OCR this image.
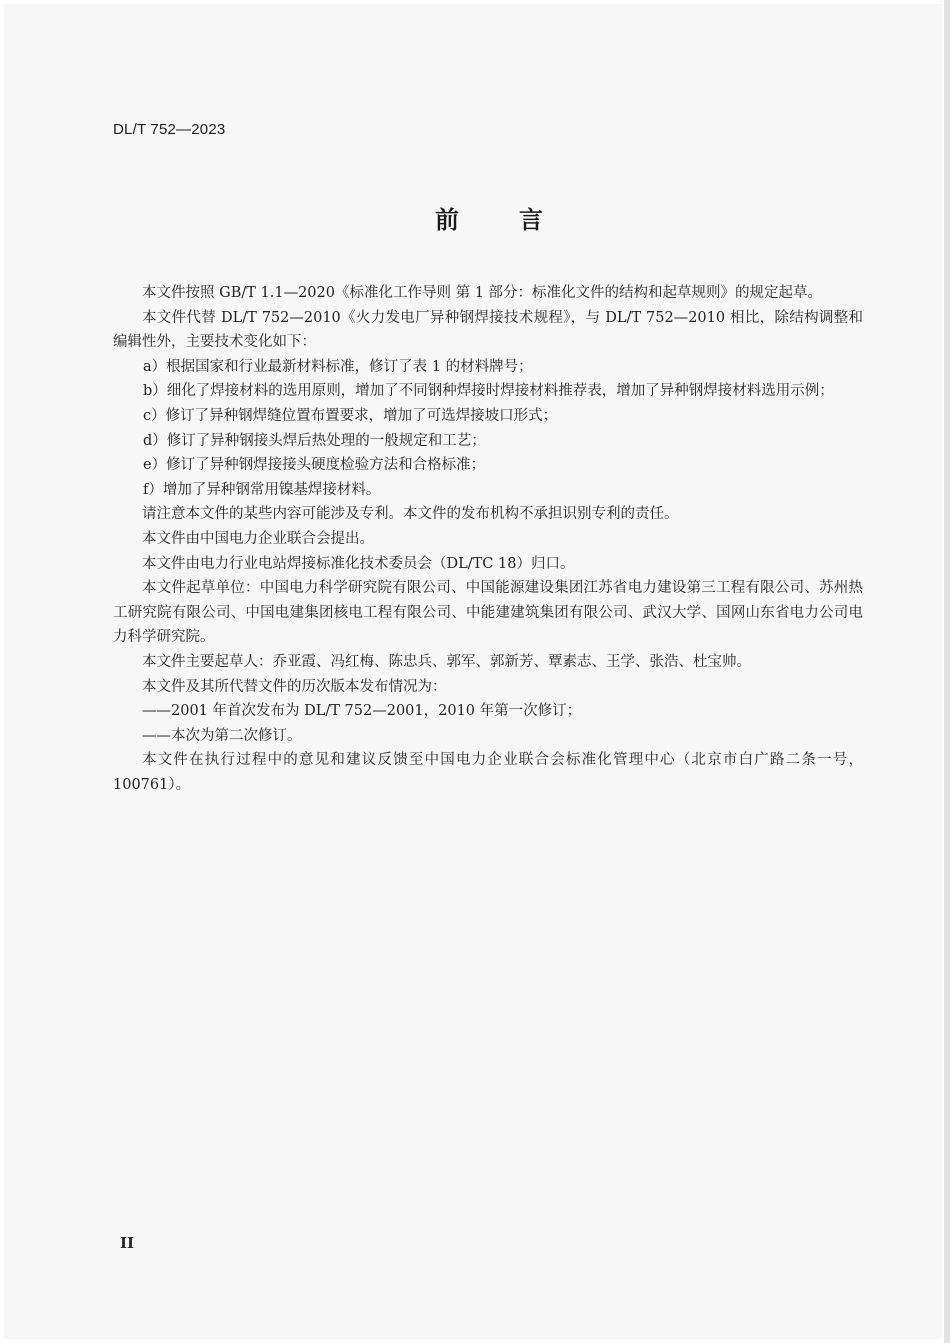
DL/T 752—2023
前言

本文件按照 GB/T 1.1—2020《标准化工作导则 第 1 部分：标准化文件的结构和起草规则》的规定起草。

本文件代替 DL/T 752—2010《火力发电厂异种钢焊接技术规程》，与 DL/T 752—2010 相比，除结构调整和编辑性外，主要技术变化如下：

a）根据国家和行业最新材料标准，修订了表 1 的材料牌号；

b）细化了焊接材料的选用原则，增加了不同钢种焊接时焊接材料推荐表，增加了异种钢焊接材料选用示例；

c）修订了异种钢焊缝位置布置要求，增加了可选焊接坡口形式；

d）修订了异种钢接头焊后热处理的一般规定和工艺；

e）修订了异种钢焊接接头硬度检验方法和合格标准；

f）增加了异种钢常用镍基焊接材料。

请注意本文件的某些内容可能涉及专利。本文件的发布机构不承担识别专利的责任。

本文件由中国电力企业联合会提出。

本文件由电力行业电站焊接标准化技术委员会（DL/TC 18）归口。

本文件起草单位：中国电力科学研究院有限公司、中国能源建设集团江苏省电力建设第三工程有限公司、苏州热工研究院有限公司、中国电建集团核电工程有限公司、中能建建筑集团有限公司、武汉大学、国网山东省电力公司电力科学研究院。

本文件主要起草人：乔亚霞、冯红梅、陈忠兵、郭军、郭新芳、覃素志、王学、张浩、杜宝帅。

本文件及其所代替文件的历次版本发布情况为：

——2001 年首次发布为 DL/T 752—2001，2010 年第一次修订；

——本次为第二次修订。

本文件在执行过程中的意见和建议反馈至中国电力企业联合会标准化管理中心（北京市白广路二条一号，100761）。

II
